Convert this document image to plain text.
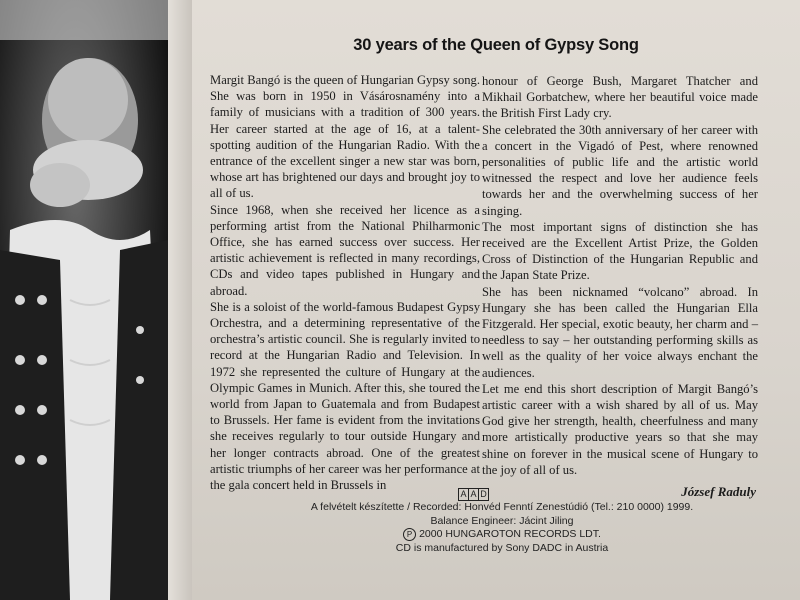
30 years of the Queen of Gypsy Song

Margit Bangó is the queen of Hungarian Gypsy song. She was born in 1950 in Vásárosnamény into a family of musicians with a tradition of 300 years. Her career started at the age of 16, at a talent-spotting audition of the Hungarian Radio. With the entrance of the excellent singer a new star was born, whose art has brightened our days and brought joy to all of us.

Since 1968, when she received her licence as a performing artist from the National Philharmonic Office, she has earned success over success. Her artistic achievement is reflected in many recordings, CDs and video tapes published in Hungary and abroad.

She is a soloist of the world-famous Budapest Gypsy Orchestra, and a determining representative of the orchestra’s artistic council. She is regularly invited to record at the Hungarian Radio and Television. In 1972 she represented the culture of Hungary at the Olympic Games in Munich. After this, she toured the world from Japan to Guatemala and from Budapest to Brussels. Her fame is evident from the invitations she receives regularly to tour outside Hungary and her longer contracts abroad. One of the greatest artistic triumphs of her career was her performance at the gala concert held in Brussels in

honour of George Bush, Margaret Thatcher and Mikhail Gorbatchew, where her beautiful voice made the British First Lady cry.

She celebrated the 30th anniversary of her career with a concert in the Vigadó of Pest, where renowned personalities of public life and the artistic world witnessed the respect and love her audience feels towards her and the overwhelming success of her singing.

The most important signs of distinction she has received are the Excellent Artist Prize, the Golden Cross of Distinction of the Hungarian Republic and the Japan State Prize.

She has been nicknamed “volcano” abroad. In Hungary she has been called the Hungarian Ella Fitzgerald. Her special, exotic beauty, her charm and – needless to say – her outstanding performing skills as well as the quality of her voice always enchant the audiences.

Let me end this short description of Margit Bangó’s artistic career with a wish shared by all of us. May God give her strength, health, cheerfulness and many more artistically productive years so that she may shine on forever in the musical scene of Hungary to the joy of all of us.

József Raduly
A A D
A felvételt készítette / Recorded: Honvéd Fenntí Zenestúdió (Tel.: 210 0000) 1999.
Balance Engineer: Jácint Jiling
P 2000 HUNGAROTON RECORDS LDT.
CD is manufactured by Sony DADC in Austria
